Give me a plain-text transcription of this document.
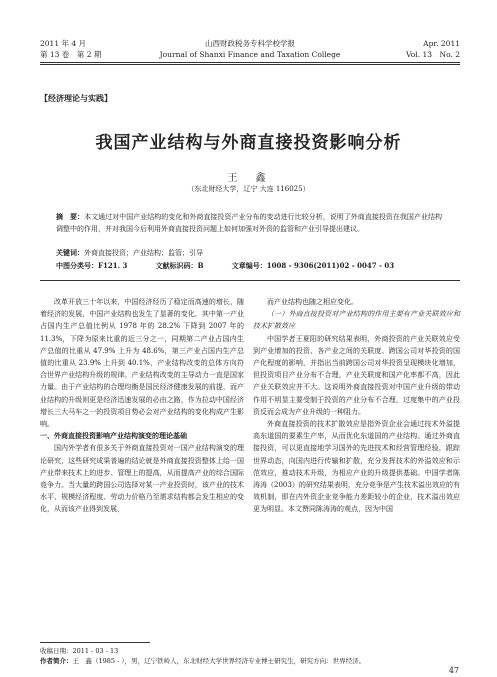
2011 年 4 月
第 13 卷　第 2 期
山西财政税务专科学校学报
Journal of Shanxi Finance and Taxation College
Apr. 2011
Vol. 13　No. 2
【经济理论与实践】
我国产业结构与外商直接投资影响分析
王　鑫
（东北财经大学，辽宁 大连 116025）
摘　要：本文通过对中国产业结构的变化和外商直接投资产业分布的变动进行比较分析，说明了外商直接投资在我国产业结构调整中的作用，并对我国今后利用外商直接投资问题上如何加强对外资的监管和产业引导提出建议。
关键词：外商直接投资；产业结构；监管；引导
中图分类号：F121. 3	文献标识码：B	文章编号：1008 - 9306(2011)02 - 0047 - 03

改革开放三十年以来，中国经济经历了稳定而高速的增长，随着经济的发展，中国产业结构也发生了显著的变化，其中第一产业占国内生产总值比例从 1978 年的 28.2% 下降到 2007 年的 11.3%，下降为原来比重的近三分之一，同期第二产业占国内生产总值的比重从 47.9% 上升为 48.6%，第三产业占国内生产总值的比重从 23.9% 上升到 40.1%，产业结构改变的总体方向符合世界产业结构升级的规律。产业结构改变的主导动力一直是国家力量。由于产业结构的合理均衡是国民经济健康发展的前提，而产业结构的升级则更是经济迅速发展的必由之路，作为拉动中国经济增长三大马车之一的投资项目势必会对产业结构的变化构成产生影响。

一、外商直接投资影响产业结构演变的理论基础

国内外学者有很多关于外商直接投资对一国产业结构演变的理论研究，这些研究成果普遍的结论就是外商直接投资整体上给一国产业带来技术上的进步、管理上的提高，从而提高产业的综合国际竞争力。当大量的跨国公司选择对某一产业投资时，该产业的技术水平、规模经济程度、劳动力价格乃至需求结构都会发生相应的变化，从而该产业得到发展，

而产业结构也随之相应变化。

（一）外商直接投资对产业结构的作用主要有产业关联效应和技术扩散效应

中国学者王夏阳的研究结果表明，外商投资的产业关联效应受到产业增加的投资、各产业之间的关联度、跨国公司对华投资的国产化程度的影响，并指出当前跨国公司对华投资呈现模块化增加，但投资项目产业分布不合理，产业关联度和国产化率都不高，因此产业关联效应并不大。这说明外商直接投资对中国产业升级的带动作用不明显主要受制于投资的产业分布不合理，过度集中的产业投资反而会成为产业升级的一种阻力。

外商直接投资的技术扩散效应是指外资企业会通过技术外溢提高东道国的要素生产率，从而优化东道国的产业结构。通过外商直接投资，可以更直接地学习国外的先进技术和经营管理经验，跟踪世界动态，向国内进行传输和扩散，充分发挥技术的外溢效应和示范效应，推动技术升级，为相应产业的升级提供基础。中国学者陈涛涛（2003）的研究结果表明，充分竞争是产生技术溢出效应的有效机制，即在内外资企业竞争能力差距较小的企业，技术溢出效应更为明显。本文赞同陈涛涛的观点，因为中国

收稿日期：2011 - 03 - 13
作者简介：王　鑫（1985 - ），男，辽宁铁岭人，东北财经大学世界经济专业博士研究生，研究方向：世界经济。
47
